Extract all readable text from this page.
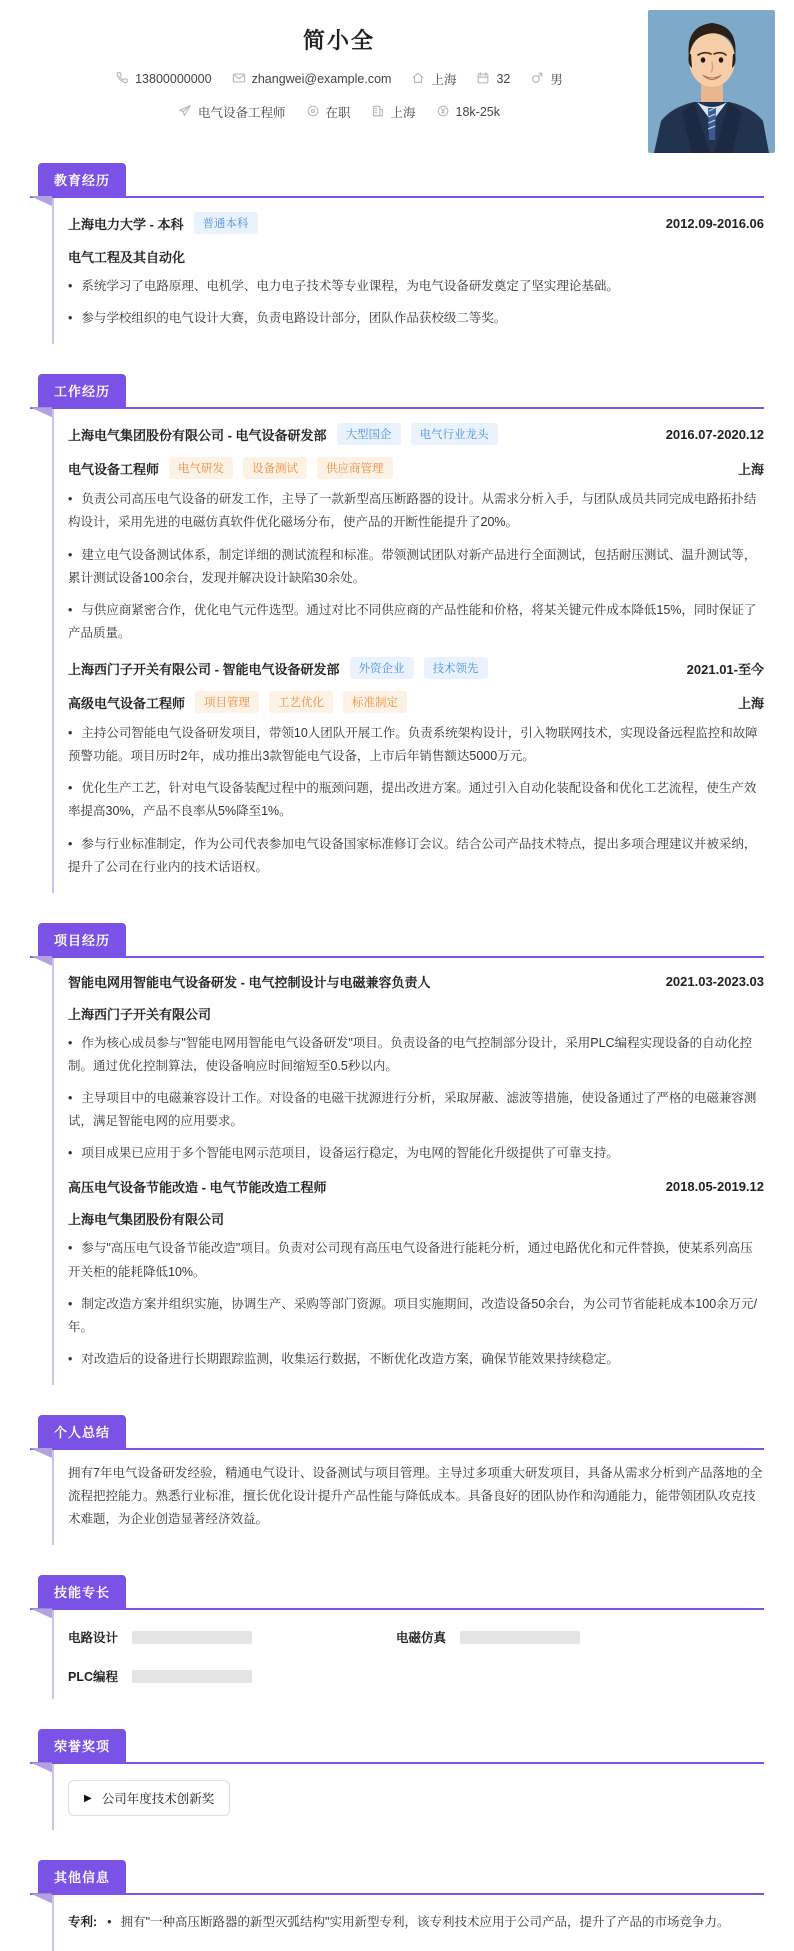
简小全
13800000000	zhangwei@example.com	上海	32	男
电气设备工程师	在职	上海	18k-25k
教育经历
上海电力大学 - 本科	普通本科	2012.09-2016.06
电气工程及其自动化
• 系统学习了电路原理、电机学、电力电子技术等专业课程，为电气设备研发奠定了坚实理论基础。
• 参与学校组织的电气设计大赛，负责电路设计部分，团队作品获校级二等奖。
工作经历
上海电气集团股份有限公司 - 电气设备研发部	大型国企	电气行业龙头	2016.07-2020.12
电气设备工程师	电气研发	设备测试	供应商管理	上海
• 负责公司高压电气设备的研发工作，主导了一款新型高压断路器的设计。从需求分析入手，与团队成员共同完成电路拓扑结构设计，采用先进的电磁仿真软件优化磁场分布，使产品的开断性能提升了20%。
• 建立电气设备测试体系，制定详细的测试流程和标准。带领测试团队对新产品进行全面测试，包括耐压测试、温升测试等，累计测试设备100余台，发现并解决设计缺陷30余处。
• 与供应商紧密合作，优化电气元件选型。通过对比不同供应商的产品性能和价格，将某关键元件成本降低15%，同时保证了产品质量。
上海西门子开关有限公司 - 智能电气设备研发部	外资企业	技术领先	2021.01-至今
高级电气设备工程师	项目管理	工艺优化	标准制定	上海
• 主持公司智能电气设备研发项目，带领10人团队开展工作。负责系统架构设计，引入物联网技术，实现设备远程监控和故障预警功能。项目历时2年，成功推出3款智能电气设备，上市后年销售额达5000万元。
• 优化生产工艺，针对电气设备装配过程中的瓶颈问题，提出改进方案。通过引入自动化装配设备和优化工艺流程，使生产效率提高30%，产品不良率从5%降至1%。
• 参与行业标准制定，作为公司代表参加电气设备国家标准修订会议。结合公司产品技术特点，提出多项合理建议并被采纳，提升了公司在行业内的技术话语权。
项目经历
智能电网用智能电气设备研发 - 电气控制设计与电磁兼容负责人	2021.03-2023.03
上海西门子开关有限公司
• 作为核心成员参与"智能电网用智能电气设备研发"项目。负责设备的电气控制部分设计，采用PLC编程实现设备的自动化控制。通过优化控制算法，使设备响应时间缩短至0.5秒以内。
• 主导项目中的电磁兼容设计工作。对设备的电磁干扰源进行分析，采取屏蔽、滤波等措施，使设备通过了严格的电磁兼容测试，满足智能电网的应用要求。
• 项目成果已应用于多个智能电网示范项目，设备运行稳定，为电网的智能化升级提供了可靠支持。
高压电气设备节能改造 - 电气节能改造工程师	2018.05-2019.12
上海电气集团股份有限公司
• 参与"高压电气设备节能改造"项目。负责对公司现有高压电气设备进行能耗分析，通过电路优化和元件替换，使某系列高压开关柜的能耗降低10%。
• 制定改造方案并组织实施，协调生产、采购等部门资源。项目实施期间，改造设备50余台，为公司节省能耗成本100余万元/年。
• 对改造后的设备进行长期跟踪监测，收集运行数据，不断优化改造方案，确保节能效果持续稳定。
个人总结
拥有7年电气设备研发经验，精通电气设计、设备测试与项目管理。主导过多项重大研发项目，具备从需求分析到产品落地的全流程把控能力。熟悉行业标准，擅长优化设计提升产品性能与降低成本。具备良好的团队协作和沟通能力，能带领团队攻克技术难题，为企业创造显著经济效益。
技能专长
电路设计	电磁仿真
PLC编程
荣誉奖项
▶ 公司年度技术创新奖
其他信息
专利: • 拥有"一种高压断路器的新型灭弧结构"实用新型专利，该专利技术应用于公司产品，提升了产品的市场竞争力。
